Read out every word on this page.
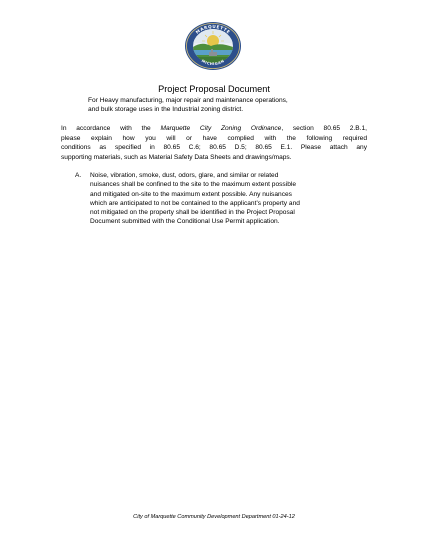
MARQUETTE
MICHIGAN
Project Proposal Document
For Heavy manufacturing, major repair and maintenance operations,
and bulk storage uses in the Industrial zoning district.
In accordance with the Marquette City Zoning Ordinance, section 80.65 2.B.1,
please explain how you will or have complied with the following required
conditions as specified in 80.65 C.6; 80.65 D.5; 80.65 E.1. Please attach any
supporting materials, such as Material Safety Data Sheets and drawings/maps.
A. Noise, vibration, smoke, dust, odors, glare, and similar or related
nuisances shall be confined to the site to the maximum extent possible
and mitigated on-site to the maximum extent possible. Any nuisances
which are anticipated to not be contained to the applicant’s property and
not mitigated on the property shall be identified in the Project Proposal
Document submitted with the Conditional Use Permit application.
City of Marquette Community Development Department 01-24-12
